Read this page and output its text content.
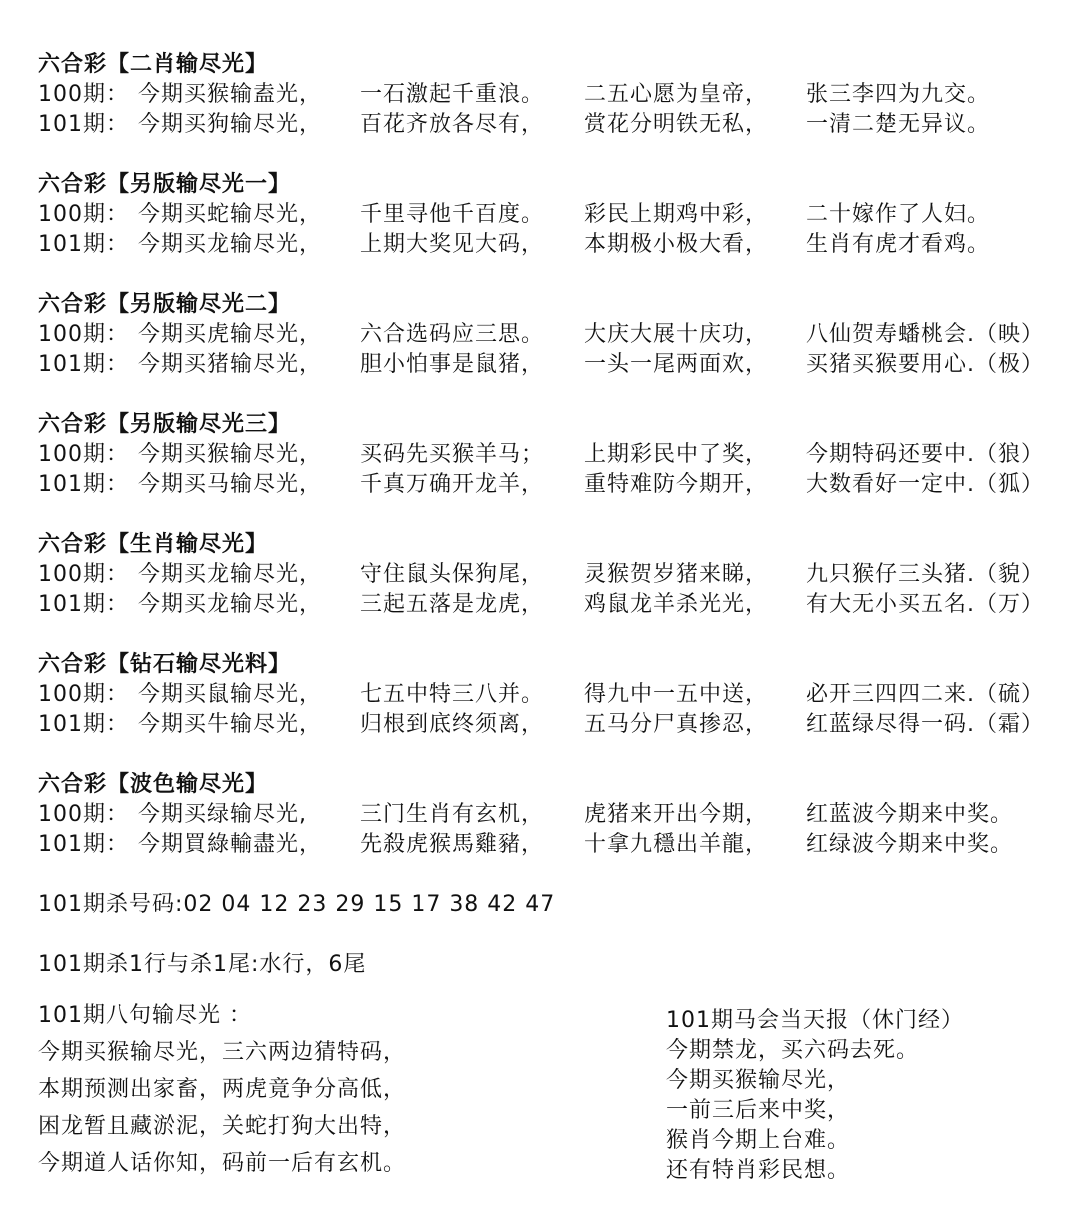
六合彩【二肖输尽光】
100期： 今期买猴输盍光，	一石激起千重浪。	二五心愿为皇帝，	张三李四为九交。
101期： 今期买狗输尽光，	百花齐放各尽有，	赏花分明铁无私，	一清二楚无异议。
六合彩【另版输尽光一】
100期： 今期买蛇输尽光，	千里寻他千百度。	彩民上期鸡中彩，	二十嫁作了人妇。
101期： 今期买龙输尽光，	上期大奖见大码，	本期极小极大看，	生肖有虎才看鸡。
六合彩【另版输尽光二】
100期： 今期买虎输尽光，	六合选码应三思。	大庆大展十庆功，	八仙贺寿蟠桃会.（映）
101期： 今期买猪输尽光，	胆小怕事是鼠猪，	一头一尾两面欢，	买猪买猴要用心.（极）
六合彩【另版输尽光三】
100期： 今期买猴输尽光，	买码先买猴羊马；	上期彩民中了奖，	今期特码还要中.（狼）
101期： 今期买马输尽光，	千真万确开龙羊，	重特难防今期开，	大数看好一定中.（狐）
六合彩【生肖输尽光】
100期： 今期买龙输尽光，	守住鼠头保狗尾，	灵猴贺岁猪来睇，	九只猴仔三头猪.（貌）
101期： 今期买龙输尽光，	三起五落是龙虎，	鸡鼠龙羊杀光光，	有大无小买五名.（万）
六合彩【钻石输尽光料】
100期： 今期买鼠输尽光，	七五中特三八并。	得九中一五中送，	必开三四四二来.（硫）
101期： 今期买牛输尽光，	归根到底终须离，	五马分尸真掺忍，	红蓝绿尽得一码.（霜）
六合彩【波色输尽光】
100期： 今期买绿输尽光,	三门生肖有玄机，	虎猪来开出今期，	红蓝波今期来中奖。
101期： 今期買綠輸盡光，	先殺虎猴馬雞豬，	十拿九穩出羊龍，	红绿波今期来中奖。
101期杀号码:02 04 12 23 29 15 17 38 42 47
101期杀1行与杀1尾:水行，6尾
101期八句输尽光 ：
今期买猴输尽光，三六两边猜特码，
本期预测出家畜，两虎竟争分高低，
困龙暂且藏淤泥，关蛇打狗大出特，
今期道人话你知，码前一后有玄机。
101期马会当天报（休门经）
今期禁龙，买六码去死。
今期买猴输尽光，
一前三后来中奖，
猴肖今期上台难。
还有特肖彩民想。
